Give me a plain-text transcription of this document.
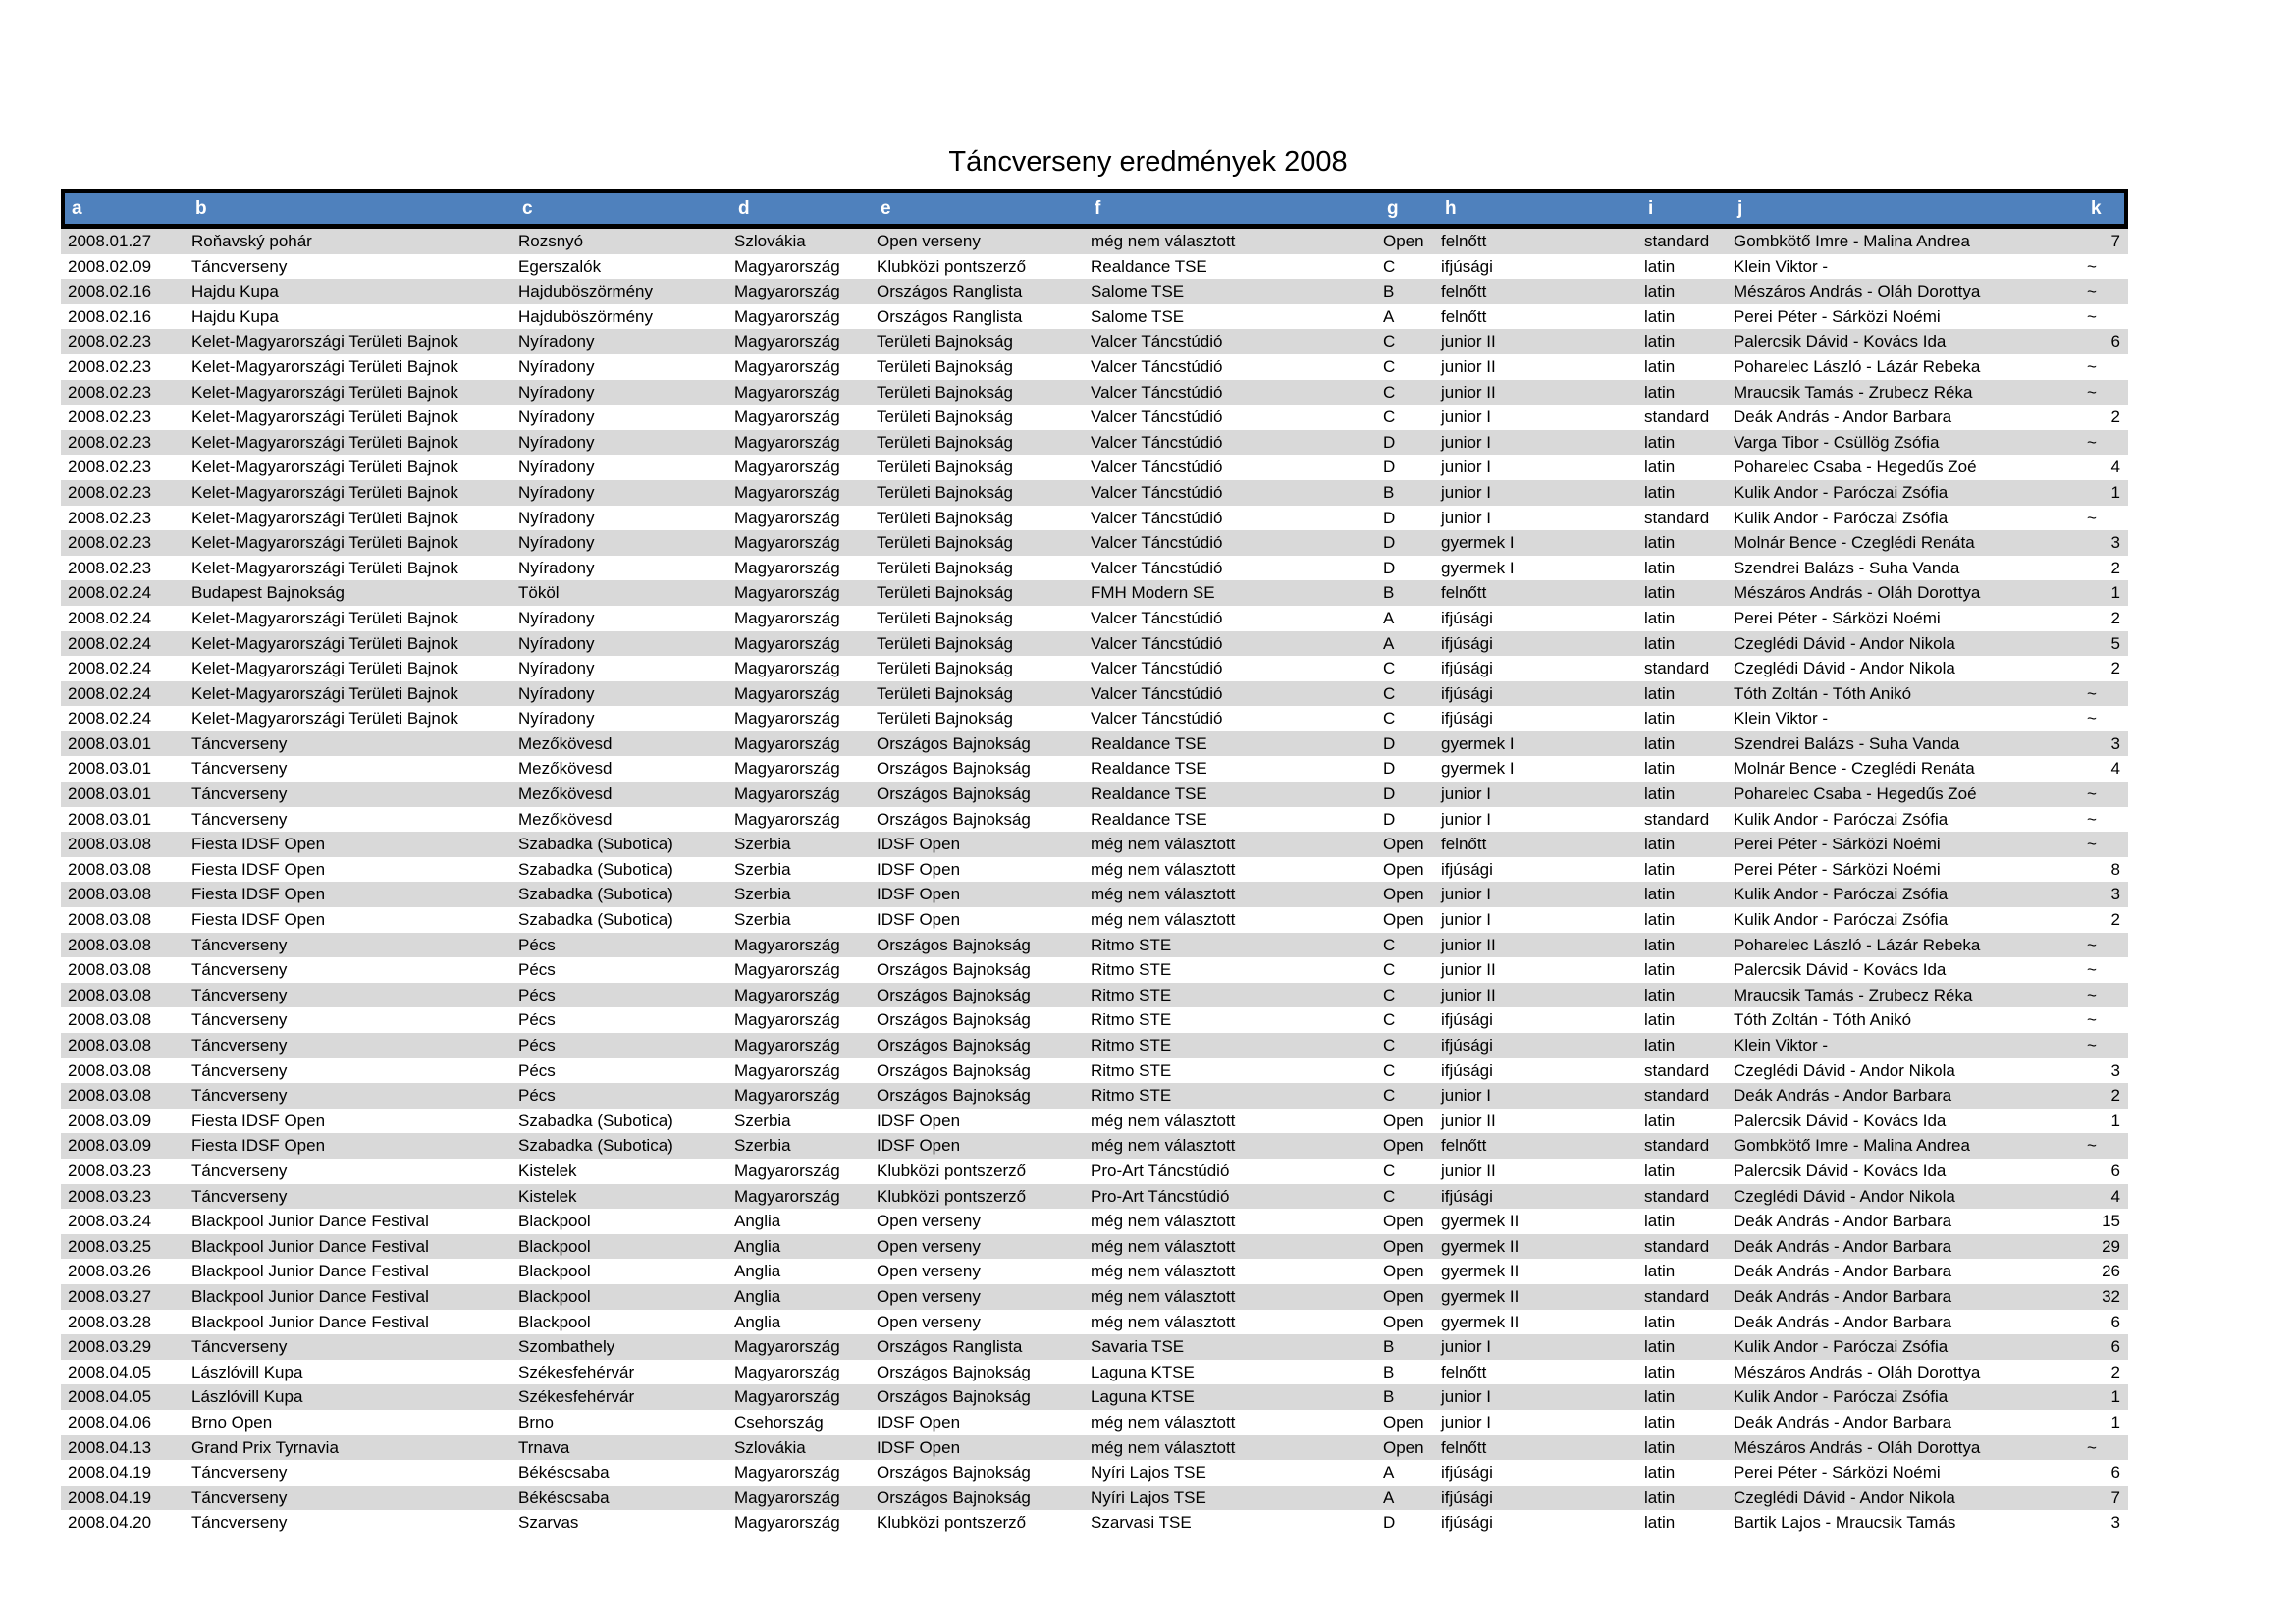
Táncverseny eredmények 2008
a	b	c	d	e	f	g	h	i	j	k
2008.01.27	Roňavský pohár	Rozsnyó	Szlovákia	Open verseny	még nem választott	Open	felnőtt	standard	Gombkötő Imre - Malina Andrea	7
2008.02.09	Táncverseny	Egerszalók	Magyarország	Klubközi pontszerző	Realdance TSE	C	ifjúsági	latin	Klein Viktor -	~
2008.02.16	Hajdu Kupa	Hajduböszörmény	Magyarország	Országos Ranglista	Salome TSE	B	felnőtt	latin	Mészáros András - Oláh Dorottya	~
2008.02.16	Hajdu Kupa	Hajduböszörmény	Magyarország	Országos Ranglista	Salome TSE	A	felnőtt	latin	Perei Péter - Sárközi Noémi	~
2008.02.23	Kelet-Magyarországi Területi Bajnok	Nyíradony	Magyarország	Területi Bajnokság	Valcer Táncstúdió	C	junior II	latin	Palercsik Dávid - Kovács Ida	6
2008.02.23	Kelet-Magyarországi Területi Bajnok	Nyíradony	Magyarország	Területi Bajnokság	Valcer Táncstúdió	C	junior II	latin	Poharelec László - Lázár Rebeka	~
2008.02.23	Kelet-Magyarországi Területi Bajnok	Nyíradony	Magyarország	Területi Bajnokság	Valcer Táncstúdió	C	junior II	latin	Mraucsik Tamás - Zrubecz Réka	~
2008.02.23	Kelet-Magyarországi Területi Bajnok	Nyíradony	Magyarország	Területi Bajnokság	Valcer Táncstúdió	C	junior I	standard	Deák András - Andor Barbara	2
2008.02.23	Kelet-Magyarországi Területi Bajnok	Nyíradony	Magyarország	Területi Bajnokság	Valcer Táncstúdió	D	junior I	latin	Varga Tibor - Csüllög Zsófia	~
2008.02.23	Kelet-Magyarországi Területi Bajnok	Nyíradony	Magyarország	Területi Bajnokság	Valcer Táncstúdió	D	junior I	latin	Poharelec Csaba - Hegedűs Zoé	4
2008.02.23	Kelet-Magyarországi Területi Bajnok	Nyíradony	Magyarország	Területi Bajnokság	Valcer Táncstúdió	B	junior I	latin	Kulik Andor - Paróczai Zsófia	1
2008.02.23	Kelet-Magyarországi Területi Bajnok	Nyíradony	Magyarország	Területi Bajnokság	Valcer Táncstúdió	D	junior I	standard	Kulik Andor - Paróczai Zsófia	~
2008.02.23	Kelet-Magyarországi Területi Bajnok	Nyíradony	Magyarország	Területi Bajnokság	Valcer Táncstúdió	D	gyermek I	latin	Molnár Bence - Czeglédi Renáta	3
2008.02.23	Kelet-Magyarországi Területi Bajnok	Nyíradony	Magyarország	Területi Bajnokság	Valcer Táncstúdió	D	gyermek I	latin	Szendrei Balázs - Suha Vanda	2
2008.02.24	Budapest Bajnokság	Tököl	Magyarország	Területi Bajnokság	FMH Modern SE	B	felnőtt	latin	Mészáros András - Oláh Dorottya	1
2008.02.24	Kelet-Magyarországi Területi Bajnok	Nyíradony	Magyarország	Területi Bajnokság	Valcer Táncstúdió	A	ifjúsági	latin	Perei Péter - Sárközi Noémi	2
2008.02.24	Kelet-Magyarországi Területi Bajnok	Nyíradony	Magyarország	Területi Bajnokság	Valcer Táncstúdió	A	ifjúsági	latin	Czeglédi Dávid - Andor Nikola	5
2008.02.24	Kelet-Magyarországi Területi Bajnok	Nyíradony	Magyarország	Területi Bajnokság	Valcer Táncstúdió	C	ifjúsági	standard	Czeglédi Dávid - Andor Nikola	2
2008.02.24	Kelet-Magyarországi Területi Bajnok	Nyíradony	Magyarország	Területi Bajnokság	Valcer Táncstúdió	C	ifjúsági	latin	Tóth Zoltán - Tóth Anikó	~
2008.02.24	Kelet-Magyarországi Területi Bajnok	Nyíradony	Magyarország	Területi Bajnokság	Valcer Táncstúdió	C	ifjúsági	latin	Klein Viktor -	~
2008.03.01	Táncverseny	Mezőkövesd	Magyarország	Országos Bajnokság	Realdance TSE	D	gyermek I	latin	Szendrei Balázs - Suha Vanda	3
2008.03.01	Táncverseny	Mezőkövesd	Magyarország	Országos Bajnokság	Realdance TSE	D	gyermek I	latin	Molnár Bence - Czeglédi Renáta	4
2008.03.01	Táncverseny	Mezőkövesd	Magyarország	Országos Bajnokság	Realdance TSE	D	junior I	latin	Poharelec Csaba - Hegedűs Zoé	~
2008.03.01	Táncverseny	Mezőkövesd	Magyarország	Országos Bajnokság	Realdance TSE	D	junior I	standard	Kulik Andor - Paróczai Zsófia	~
2008.03.08	Fiesta IDSF Open	Szabadka (Subotica)	Szerbia	IDSF Open	még nem választott	Open	felnőtt	latin	Perei Péter - Sárközi Noémi	~
2008.03.08	Fiesta IDSF Open	Szabadka (Subotica)	Szerbia	IDSF Open	még nem választott	Open	ifjúsági	latin	Perei Péter - Sárközi Noémi	8
2008.03.08	Fiesta IDSF Open	Szabadka (Subotica)	Szerbia	IDSF Open	még nem választott	Open	junior I	latin	Kulik Andor - Paróczai Zsófia	3
2008.03.08	Fiesta IDSF Open	Szabadka (Subotica)	Szerbia	IDSF Open	még nem választott	Open	junior I	latin	Kulik Andor - Paróczai Zsófia	2
2008.03.08	Táncverseny	Pécs	Magyarország	Országos Bajnokság	Ritmo STE	C	junior II	latin	Poharelec László - Lázár Rebeka	~
2008.03.08	Táncverseny	Pécs	Magyarország	Országos Bajnokság	Ritmo STE	C	junior II	latin	Palercsik Dávid - Kovács Ida	~
2008.03.08	Táncverseny	Pécs	Magyarország	Országos Bajnokság	Ritmo STE	C	junior II	latin	Mraucsik Tamás - Zrubecz Réka	~
2008.03.08	Táncverseny	Pécs	Magyarország	Országos Bajnokság	Ritmo STE	C	ifjúsági	latin	Tóth Zoltán - Tóth Anikó	~
2008.03.08	Táncverseny	Pécs	Magyarország	Országos Bajnokság	Ritmo STE	C	ifjúsági	latin	Klein Viktor -	~
2008.03.08	Táncverseny	Pécs	Magyarország	Országos Bajnokság	Ritmo STE	C	ifjúsági	standard	Czeglédi Dávid - Andor Nikola	3
2008.03.08	Táncverseny	Pécs	Magyarország	Országos Bajnokság	Ritmo STE	C	junior I	standard	Deák András - Andor Barbara	2
2008.03.09	Fiesta IDSF Open	Szabadka (Subotica)	Szerbia	IDSF Open	még nem választott	Open	junior II	latin	Palercsik Dávid - Kovács Ida	1
2008.03.09	Fiesta IDSF Open	Szabadka (Subotica)	Szerbia	IDSF Open	még nem választott	Open	felnőtt	standard	Gombkötő Imre - Malina Andrea	~
2008.03.23	Táncverseny	Kistelek	Magyarország	Klubközi pontszerző	Pro-Art Táncstúdió	C	junior II	latin	Palercsik Dávid - Kovács Ida	6
2008.03.23	Táncverseny	Kistelek	Magyarország	Klubközi pontszerző	Pro-Art Táncstúdió	C	ifjúsági	standard	Czeglédi Dávid - Andor Nikola	4
2008.03.24	Blackpool Junior Dance Festival	Blackpool	Anglia	Open verseny	még nem választott	Open	gyermek II	latin	Deák András - Andor Barbara	15
2008.03.25	Blackpool Junior Dance Festival	Blackpool	Anglia	Open verseny	még nem választott	Open	gyermek II	standard	Deák András - Andor Barbara	29
2008.03.26	Blackpool Junior Dance Festival	Blackpool	Anglia	Open verseny	még nem választott	Open	gyermek II	latin	Deák András - Andor Barbara	26
2008.03.27	Blackpool Junior Dance Festival	Blackpool	Anglia	Open verseny	még nem választott	Open	gyermek II	standard	Deák András - Andor Barbara	32
2008.03.28	Blackpool Junior Dance Festival	Blackpool	Anglia	Open verseny	még nem választott	Open	gyermek II	latin	Deák András - Andor Barbara	6
2008.03.29	Táncverseny	Szombathely	Magyarország	Országos Ranglista	Savaria TSE	B	junior I	latin	Kulik Andor - Paróczai Zsófia	6
2008.04.05	Lászlóvill Kupa	Székesfehérvár	Magyarország	Országos Bajnokság	Laguna KTSE	B	felnőtt	latin	Mészáros András - Oláh Dorottya	2
2008.04.05	Lászlóvill Kupa	Székesfehérvár	Magyarország	Országos Bajnokság	Laguna KTSE	B	junior I	latin	Kulik Andor - Paróczai Zsófia	1
2008.04.06	Brno Open	Brno	Csehország	IDSF Open	még nem választott	Open	junior I	latin	Deák András - Andor Barbara	1
2008.04.13	Grand Prix Tyrnavia	Trnava	Szlovákia	IDSF Open	még nem választott	Open	felnőtt	latin	Mészáros András - Oláh Dorottya	~
2008.04.19	Táncverseny	Békéscsaba	Magyarország	Országos Bajnokság	Nyíri Lajos TSE	A	ifjúsági	latin	Perei Péter - Sárközi Noémi	6
2008.04.19	Táncverseny	Békéscsaba	Magyarország	Országos Bajnokság	Nyíri Lajos TSE	A	ifjúsági	latin	Czeglédi Dávid - Andor Nikola	7
2008.04.20	Táncverseny	Szarvas	Magyarország	Klubközi pontszerző	Szarvasi TSE	D	ifjúsági	latin	Bartik Lajos - Mraucsik Tamás	3
